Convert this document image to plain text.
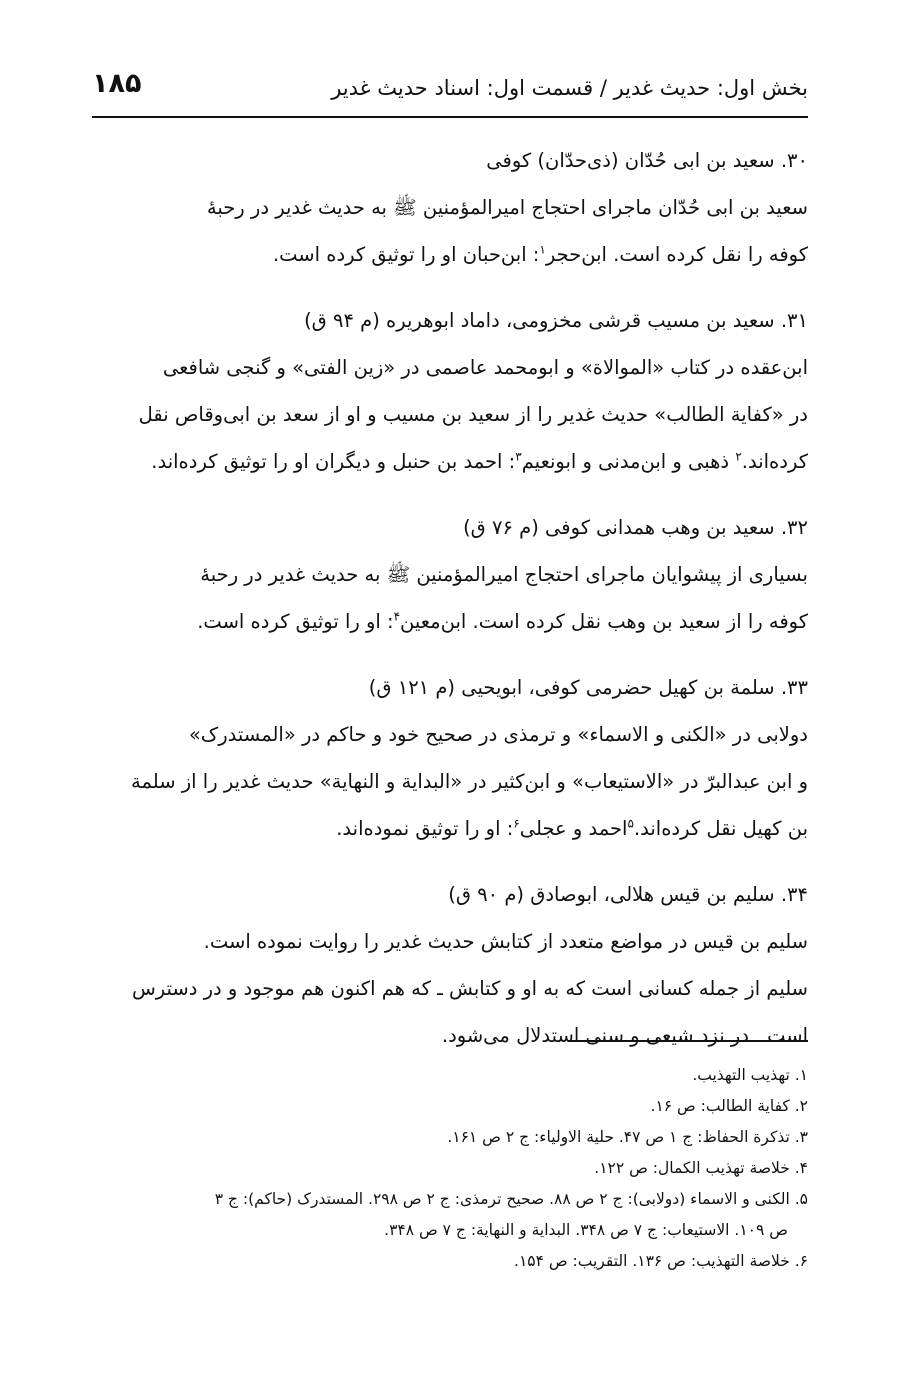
۱۸۵	بخش اول: حدیث غدیر / قسمت اول: اسناد حدیث غدیر
۳۰. سعید بن ابی حُدّان (ذی‌حدّان) کوفی

سعید بن ابی حُدّان ماجرای احتجاج امیرالمؤمنین ﷺ به حدیث غدیر در رحبهٔ

کوفه را نقل کرده است. ابن‌حجر$^۱$: ابن‌حبان او را توثیق کرده است.

۳۱. سعید بن مسیب قرشی مخزومی، داماد ابوهریره (م ۹۴ ق)

ابن‌عقده در کتاب «الموالاة» و ابومحمد عاصمی در «زین الفتی» و گنجی شافعی

در «کفایة الطالب» حدیث غدیر را از سعید بن مسیب و او از سعد بن ابی‌وقاص نقل

کرده‌اند.$^۲$ ذهبی و ابن‌مدنی و ابونعیم$^۳$: احمد بن حنبل و دیگران او را توثیق کرده‌اند.

۳۲. سعید بن وهب همدانی کوفی (م ۷۶ ق)

بسیاری از پیشوایان ماجرای احتجاج امیرالمؤمنین ﷺ به حدیث غدیر در رحبهٔ

کوفه را از سعید بن وهب نقل کرده است. ابن‌معین$^۴$: او را توثیق کرده است.

۳۳. سلمة بن کهیل حضرمی کوفی، ابویحیی (م ۱۲۱ ق)

دولابی در «الکنی و الاسماء» و ترمذی در صحیح خود و حاکم در «المستدرک»

و ابن عبدالبرّ در «الاستیعاب» و ابن‌کثیر در «البدایة و النهایة» حدیث غدیر را از سلمة

بن کهیل نقل کرده‌اند.$^۵$احمد و عجلی$^۶$: او را توثیق نموده‌اند.

۳۴. سلیم بن قیس هلالی، ابوصادق (م ۹۰ ق)

سلیم بن قیس در مواضع متعدد از کتابش حدیث غدیر را روایت نموده است.

سلیم از جمله کسانی است که به او و کتابش ـ که هم اکنون هم موجود و در دسترس

است ـ در نزد شیعی و سنی استدلال می‌شود.

۱. تهذیب التهذیب.
۲. کفایة الطالب: ص ۱۶.
۳. تذکرة الحفاظ: ج ۱ ص ۴۷. حلیة الاولیاء: ج ۲ ص ۱۶۱.
۴. خلاصة تهذیب الکمال: ص ۱۲۲.
۵. الکنی و الاسماء (دولابی): ج ۲ ص ۸۸. صحیح ترمذی: ج ۲ ص ۲۹۸. المستدرک (حاکم): ج ۳
ص ۱۰۹. الاستیعاب: ج ۷ ص ۳۴۸. البدایة و النهایة: ج ۷ ص ۳۴۸.
۶. خلاصة التهذیب: ص ۱۳۶. التقریب: ص ۱۵۴.
